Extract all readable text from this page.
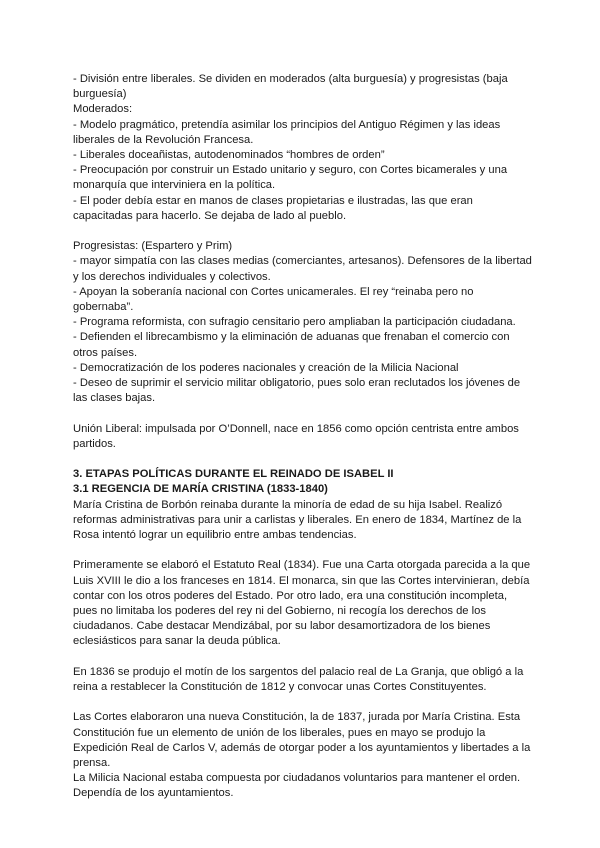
- División entre liberales. Se dividen en moderados (alta burguesía) y progresistas (baja
burguesía)
Moderados:
- Modelo pragmático, pretendía asimilar los principios del Antiguo Régimen y las ideas
liberales de la Revolución Francesa.
- Liberales doceañistas, autodenominados “hombres de orden”
- Preocupación por construir un Estado unitario y seguro, con Cortes bicamerales y una
monarquía que interviniera en la política.
- El poder debía estar en manos de clases propietarias e ilustradas, las que eran
capacitadas para hacerlo. Se dejaba de lado al pueblo.
Progresistas: (Espartero y Prim)
- mayor simpatía con las clases medias (comerciantes, artesanos). Defensores de la libertad
y los derechos individuales y colectivos.
- Apoyan la soberanía nacional con Cortes unicamerales. El rey “reinaba pero no
gobernaba”.
- Programa reformista, con sufragio censitario pero ampliaban la participación ciudadana.
- Defienden el librecambismo y la eliminación de aduanas que frenaban el comercio con
otros países.
- Democratización de los poderes nacionales y creación de la Milicia Nacional
- Deseo de suprimir el servicio militar obligatorio, pues solo eran reclutados los jóvenes de
las clases bajas.
Unión Liberal: impulsada por O’Donnell, nace en 1856 como opción centrista entre ambos
partidos.
3. ETAPAS POLÍTICAS DURANTE EL REINADO DE ISABEL II
3.1 REGENCIA DE MARÍA CRISTINA (1833-1840)
María Cristina de Borbón reinaba durante la minoría de edad de su hija Isabel. Realizó
reformas administrativas para unir a carlistas y liberales. En enero de 1834, Martínez de la
Rosa intentó lograr un equilibrio entre ambas tendencias.
Primeramente se elaboró el Estatuto Real (1834). Fue una Carta otorgada parecida a la que
Luis XVIII le dio a los franceses en 1814. El monarca, sin que las Cortes intervinieran, debía
contar con los otros poderes del Estado. Por otro lado, era una constitución incompleta,
pues no limitaba los poderes del rey ni del Gobierno, ni recogía los derechos de los
ciudadanos. Cabe destacar Mendizábal, por su labor desamortizadora de los bienes
eclesiásticos para sanar la deuda pública.
En 1836 se produjo el motín de los sargentos del palacio real de La Granja, que obligó a la
reina a restablecer la Constitución de 1812 y convocar unas Cortes Constituyentes.
Las Cortes elaboraron una nueva Constitución, la de 1837, jurada por María Cristina. Esta
Constitución fue un elemento de unión de los liberales, pues en mayo se produjo la
Expedición Real de Carlos V, además de otorgar poder a los ayuntamientos y libertades a la
prensa.
La Milicia Nacional estaba compuesta por ciudadanos voluntarios para mantener el orden.
Dependía de los ayuntamientos.
